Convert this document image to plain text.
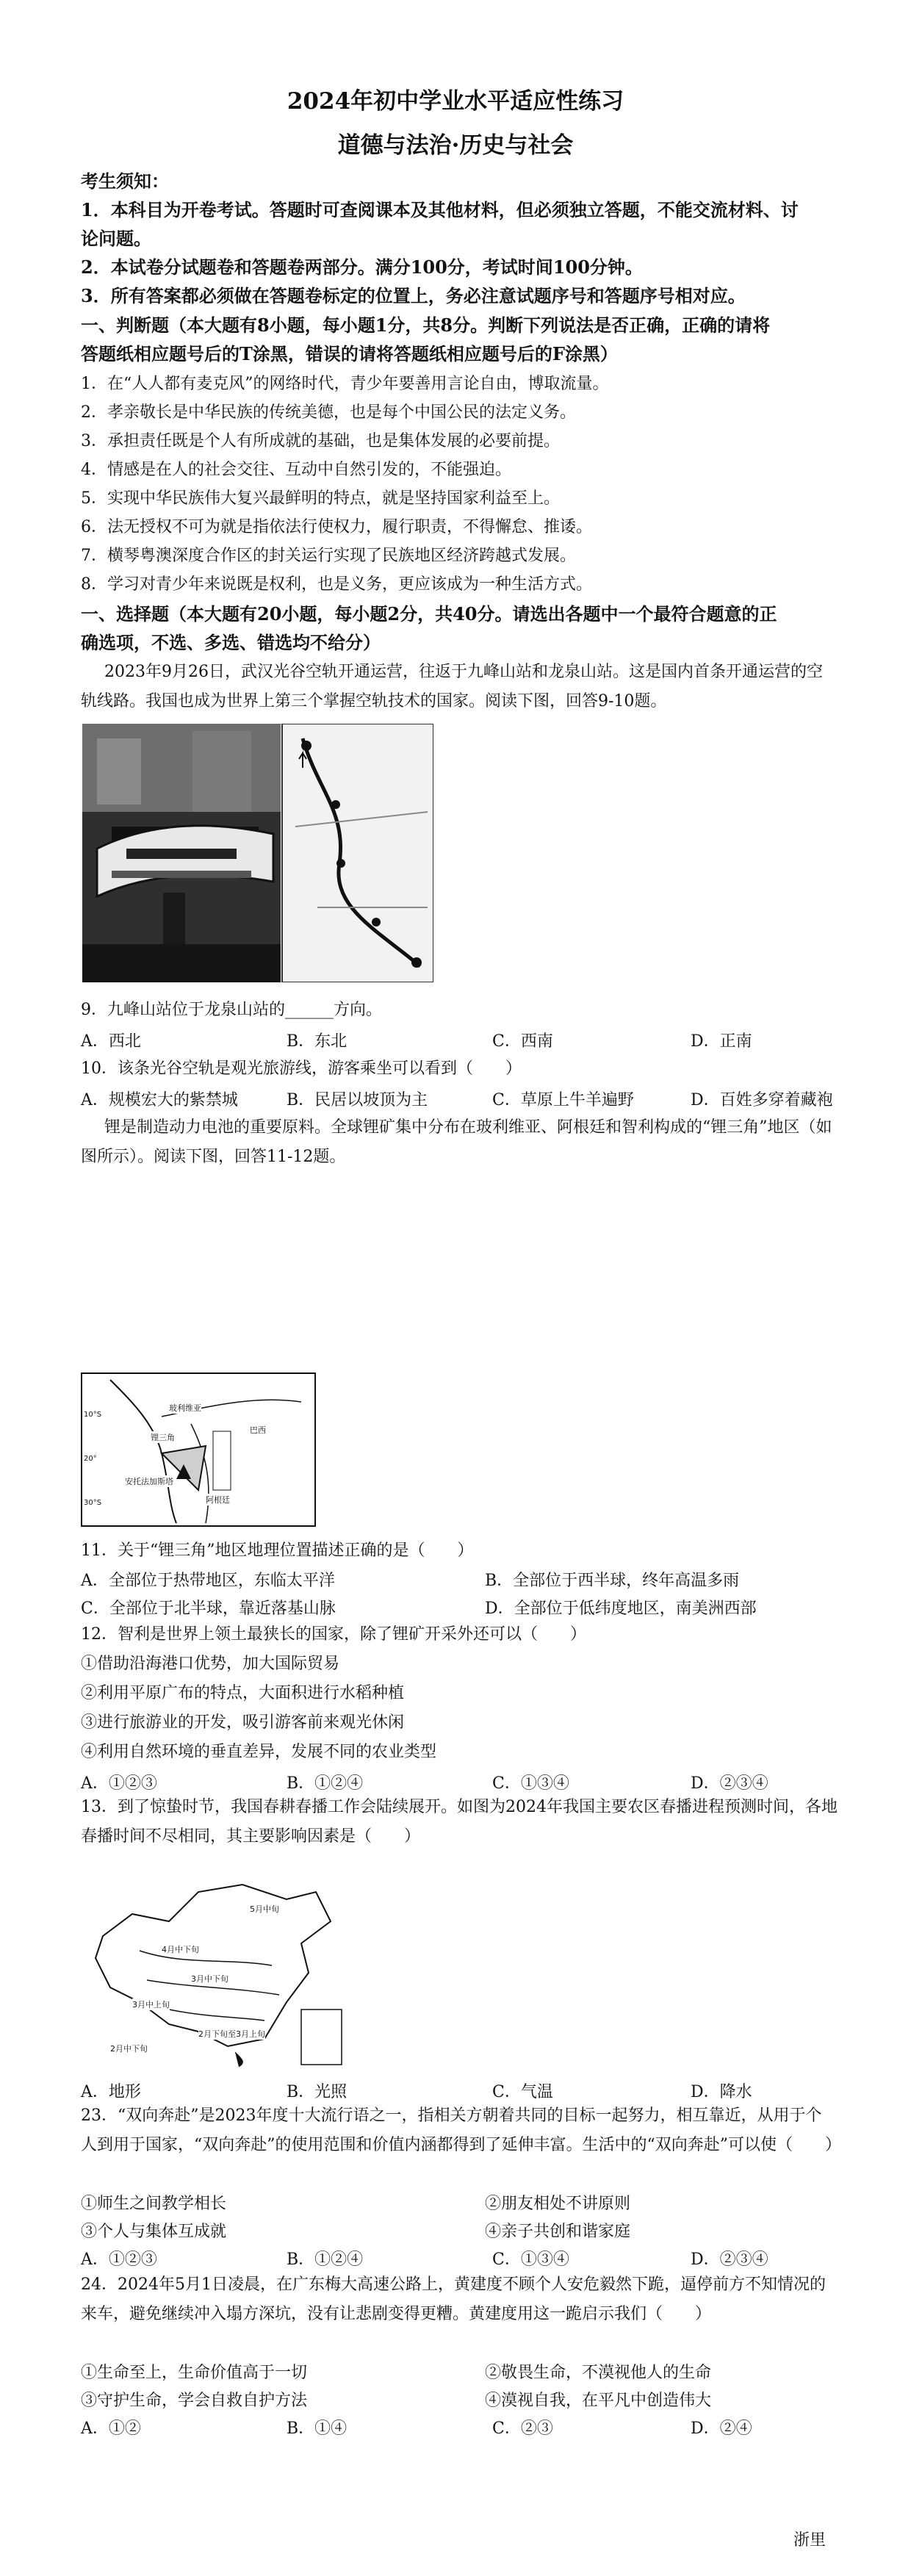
2024年初中学业水平适应性练习
道德与法治·历史与社会
考生须知：
1．本科目为开卷考试。答题时可查阅课本及其他材料，但必须独立答题，不能交流材料、讨
论问题。
2．本试卷分试题卷和答题卷两部分。满分100分，考试时间100分钟。
3．所有答案都必须做在答题卷标定的位置上，务必注意试题序号和答题序号相对应。
一、判断题（本大题有8小题，每小题1分，共8分。判断下列说法是否正确，正确的请将
答题纸相应题号后的T涂黑，错误的请将答题纸相应题号后的F涂黑）
1．在“人人都有麦克风”的网络时代，青少年要善用言论自由，博取流量。
2．孝亲敬长是中华民族的传统美德，也是每个中国公民的法定义务。
3．承担责任既是个人有所成就的基础，也是集体发展的必要前提。
4．情感是在人的社会交往、互动中自然引发的，不能强迫。
5．实现中华民族伟大复兴最鲜明的特点，就是坚持国家利益至上。
6．法无授权不可为就是指依法行使权力，履行职责，不得懈怠、推诿。
7．横琴粤澳深度合作区的封关运行实现了民族地区经济跨越式发展。
8．学习对青少年来说既是权利，也是义务，更应该成为一种生活方式。
一、选择题（本大题有20小题，每小题2分，共40分。请选出各题中一个最符合题意的正
确选项，不选、多选、错选均不给分）
2023年9月26日，武汉光谷空轨开通运营，往返于九峰山站和龙泉山站。这是国内首条开通运营的空轨线路。我国也成为世界上第三个掌握空轨技术的国家。阅读下图，回答9-10题。
9．九峰山站位于龙泉山站的______方向。
A．西北	B．东北	C．西南	D．正南
10．该条光谷空轨是观光旅游线，游客乘坐可以看到（　　）
A．规模宏大的紫禁城	B．民居以坡顶为主	C．草原上牛羊遍野	D．百姓多穿着藏袍
锂是制造动力电池的重要原料。全球锂矿集中分布在玻利维亚、阿根廷和智利构成的“锂三角”地区（如图所示）。阅读下图，回答11-12题。
玻利维亚
巴西
锂三角
安托法加斯塔
阿根廷
10°S
20°
30°S
11．关于“锂三角”地区地理位置描述正确的是（　　）
A．全部位于热带地区，东临太平洋	B．全部位于西半球，终年高温多雨
C．全部位于北半球，靠近落基山脉	D．全部位于低纬度地区，南美洲西部
12．智利是世界上领土最狭长的国家，除了锂矿开采外还可以（　　）
①借助沿海港口优势，加大国际贸易
②利用平原广布的特点，大面积进行水稻种植
③进行旅游业的开发，吸引游客前来观光休闲
④利用自然环境的垂直差异，发展不同的农业类型
A．①②③	B．①②④	C．①③④	D．②③④
13．到了惊蛰时节，我国春耕春播工作会陆续展开。如图为2024年我国主要农区春播进程预测时间，各地春播时间不尽相同，其主要影响因素是（　　）
5月中旬
4月中下旬
3月中下旬
3月中上旬
2月下旬至3月上旬
2月中下旬
A．地形	B．光照	C．气温	D．降水
23．“双向奔赴”是2023年度十大流行语之一，指相关方朝着共同的目标一起努力，相互靠近，从用于个人到用于国家，“双向奔赴”的使用范围和价值内涵都得到了延伸丰富。生活中的“双向奔赴”可以使（　　）
①师生之间教学相长	②朋友相处不讲原则
③个人与集体互成就	④亲子共创和谐家庭
A．①②③	B．①②④	C．①③④	D．②③④
24．2024年5月1日凌晨，在广东梅大高速公路上，黄建度不顾个人安危毅然下跪，逼停前方不知情况的来车，避免继续冲入塌方深坑，没有让悲剧变得更糟。黄建度用这一跪启示我们（　　）
①生命至上，生命价值高于一切	②敬畏生命，不漠视他人的生命
③守护生命，学会自救自护方法	④漠视自我，在平凡中创造伟大
A．①②	B．①④	C．②③	D．②④
浙里
